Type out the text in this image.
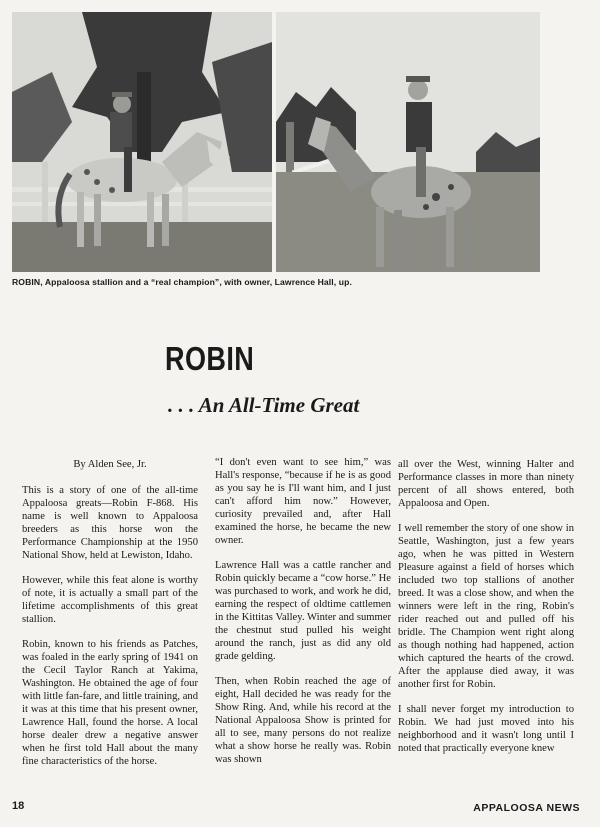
ROBIN, Appaloosa stallion and a “real champion”, with owner, Lawrence Hall, up.
ROBIN
. . . An All-Time Great

By Alden See, Jr.

This is a story of one of the all-time Appaloosa greats—Robin F-868. His name is well known to Appaloosa breeders as this horse won the Performance Championship at the 1950 National Show, held at Lewiston, Idaho.

However, while this feat alone is worthy of note, it is actually a small part of the lifetime accomplishments of this great stallion.

Robin, known to his friends as Patches, was foaled in the early spring of 1941 on the Cecil Taylor Ranch at Yakima, Washington. He obtained the age of four with little fan-fare, and little training, and it was at this time that his present owner, Lawrence Hall, found the horse. A local horse dealer drew a negative answer when he first told Hall about the many fine characteristics of the horse.

“I don't even want to see him,” was Hall's response, “because if he is as good as you say he is I'll want him, and I just can't afford him now.” However, curiosity prevailed and, after Hall examined the horse, he became the new owner.

Lawrence Hall was a cattle rancher and Robin quickly became a “cow horse.” He was purchased to work, and work he did, earning the respect of oldtime cattlemen in the Kittitas Valley. Winter and summer the chestnut stud pulled his weight around the ranch, just as did any old grade gelding.

Then, when Robin reached the age of eight, Hall decided he was ready for the Show Ring. And, while his record at the National Appaloosa Show is printed for all to see, many persons do not realize what a show horse he really was. Robin was shown

all over the West, winning Halter and Performance classes in more than ninety percent of all shows entered, both Appaloosa and Open.

I well remember the story of one show in Seattle, Washington, just a few years ago, when he was pitted in Western Pleasure against a field of horses which included two top stallions of another breed. It was a close show, and when the winners were left in the ring, Robin's rider reached out and pulled off his bridle. The Champion went right along as though nothing had happened, action which captured the hearts of the crowd. After the applause died away, it was another first for Robin.

I shall never forget my introduction to Robin. We had just moved into his neighborhood and it wasn't long until I noted that practically everyone knew

18	APPALOOSA NEWS
